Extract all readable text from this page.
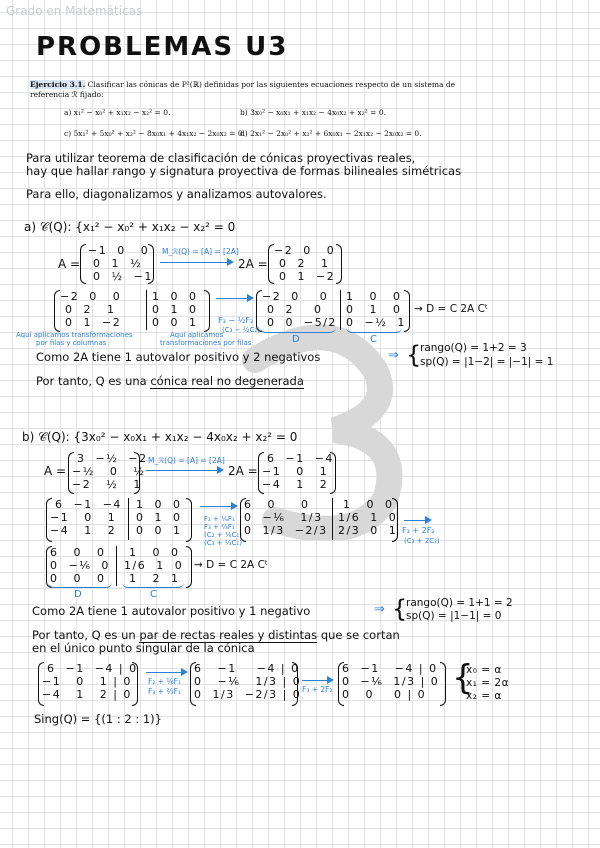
Grado en Matemáticas
PROBLEMAS U3
Ejercicio 3.1. Clasificar las cónicas de P²(ℝ) definidas por las siguientes ecuaciones respecto de un sistema de
referencia ℛ fijado:
a) x₁² − x₀² + x₁x₂ − x₂² = 0.	b) 3x₀² − x₀x₁ + x₁x₂ − 4x₀x₂ + x₂² = 0.
c) 5x₁² + 5x₀² + x₂² − 8x₀x₁ + 4x₁x₂ − 2x₀x₂ = 0.
d) 2x₁² − 2x₀² + x₂² + 6x₀x₁ − 2x₁x₂ − 2x₀x₂ = 0.
Para utilizar teorema de clasificación de cónicas proyectivas reales,
hay que hallar rango y signatura proyectiva de formas bilineales simétricas
Para ello, diagonalizamos y analizamos autovalores.
a) 𝒞(Q): {x₁² − x₀² + x₁x₂ − x₂² = 0
A =
−1  0   0
0  1  ½
0  ½  −1
M_ℛ(Q) = [A] = [2A]
2A =
−2  0   0
0  2   1
0  1  −2
−2  0   0
0  2   1
0  1  −2
1  0  0
0  1  0
0  0  1	F₃ − ½F₂
(C₃ − ½C₂)
Aquí aplicamos transformaciones
por filas y columnas
Aquí aplicamos
transformaciones por filas
−2  0    0
0  2    0
0  0  −5/2
1   0   0
0   1   0
0  −½  1
D	C
⇝ D = C 2A Cᵗ
Como 2A tiene 1 autovalor positivo y 2 negativos	⇒ {
rango(Q) = 1+2 = 3
sp(Q) = |1−2| = |−1| = 1
Por tanto, Q es una cónica real no degenerada
b) 𝒞(Q): {3x₀² − x₀x₁ + x₁x₂ − 4x₀x₂ + x₂² = 0
A =
3  −½  −2
−½   0   ½
−2   ½   1
M_ℛ(Q) = [A] = [2A]
2A =
6  −1  −4
−1   0   1
−4   1   2
6  −1  −4
−1   0   1
−4   1   2
1  0  0
0  1  0
0  0  1
F₂ + ⅙F₁
F₃ + ⅔F₁
(C₂ + ⅙C₁)
(C₃ + ⅔C₁)
6   0     0
0  −⅙   1/3
0  1/3  −2/3
1   0  0
1/6  1  0
2/3  0  1 F₃ + 2F₂
(C₃ + 2C₂)
6   0   0
0  −⅙  0
0   0   0
1   0  0
1/6  1  0
1   2  1
D	C
⇝ D = C 2A Cᵗ
Como 2A tiene 1 autovalor positivo y 1 negativo	⇒ {
rango(Q) = 1+1 = 2
sp(Q) = |1−1| = 0
Por tanto, Q es un par de rectas reales y distintas que se cortan
en el único punto singular de la cónica
6  −1  −4 | 0
−1   0   1 | 0
−4   1   2 | 0
F₂ + ⅙F₁
F₃ + ⅔F₁
6   −1    −4 | 0
0   −⅙   1/3 | 0
0  1/3  −2/3 | 0 F₃ + 2F₂
6  −1   −4 | 0
0  −⅙  1/3 | 0
0   0    0 | 0 {
x₀ = α
x₁ = 2α
x₂ = α
Sing(Q) = {(1 : 2 : 1)}
